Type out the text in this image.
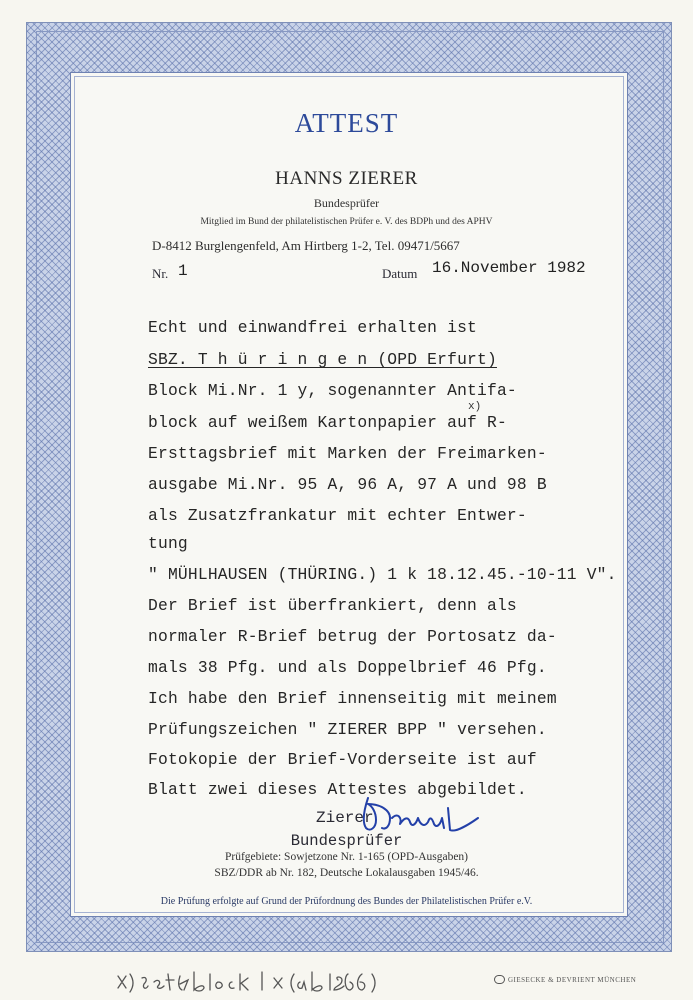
ATTEST
HANNS ZIERER
Bundesprüfer
Mitglied im Bund der philatelistischen Prüfer e. V. des BDPh und des APHV
D-8412 Burglengenfeld, Am Hirtberg 1-2, Tel. 09471/5667
Nr. 1	Datum 16.November 1982
Echt und einwandfrei erhalten ist
SBZ. T h ü r i n g e n (OPD Erfurt)
Block Mi.Nr. 1 y, sogenannter Antifa-
x)
block auf weißem Kartonpapier auf R-
Ersttagsbrief mit Marken der Freimarken-
ausgabe Mi.Nr. 95 A, 96 A, 97 A und 98 B
als Zusatzfrankatur mit echter Entwer-
tung
" MÜHLHAUSEN (THÜRING.) 1 k 18.12.45.-10-11 V".
Der Brief ist überfrankiert, denn als
normaler R-Brief betrug der Portosatz da-
mals 38 Pfg. und als Doppelbrief 46 Pfg.
Ich habe den Brief innenseitig mit meinem
Prüfungszeichen " ZIERER BPP " versehen.
Fotokopie der Brief-Vorderseite ist auf
Blatt zwei dieses Attestes abgebildet.
Zierer
Bundesprüfer
Prüfgebiete: Sowjetzone Nr. 1-165 (OPD-Ausgaben)
SBZ/DDR ab Nr. 182, Deutsche Lokalausgaben 1945/46.
Die Prüfung erfolgte auf Grund der Prüfordnung des Bundes der Philatelistischen Prüfer e.V.
GIESECKE & DEVRIENT MÜNCHEN
